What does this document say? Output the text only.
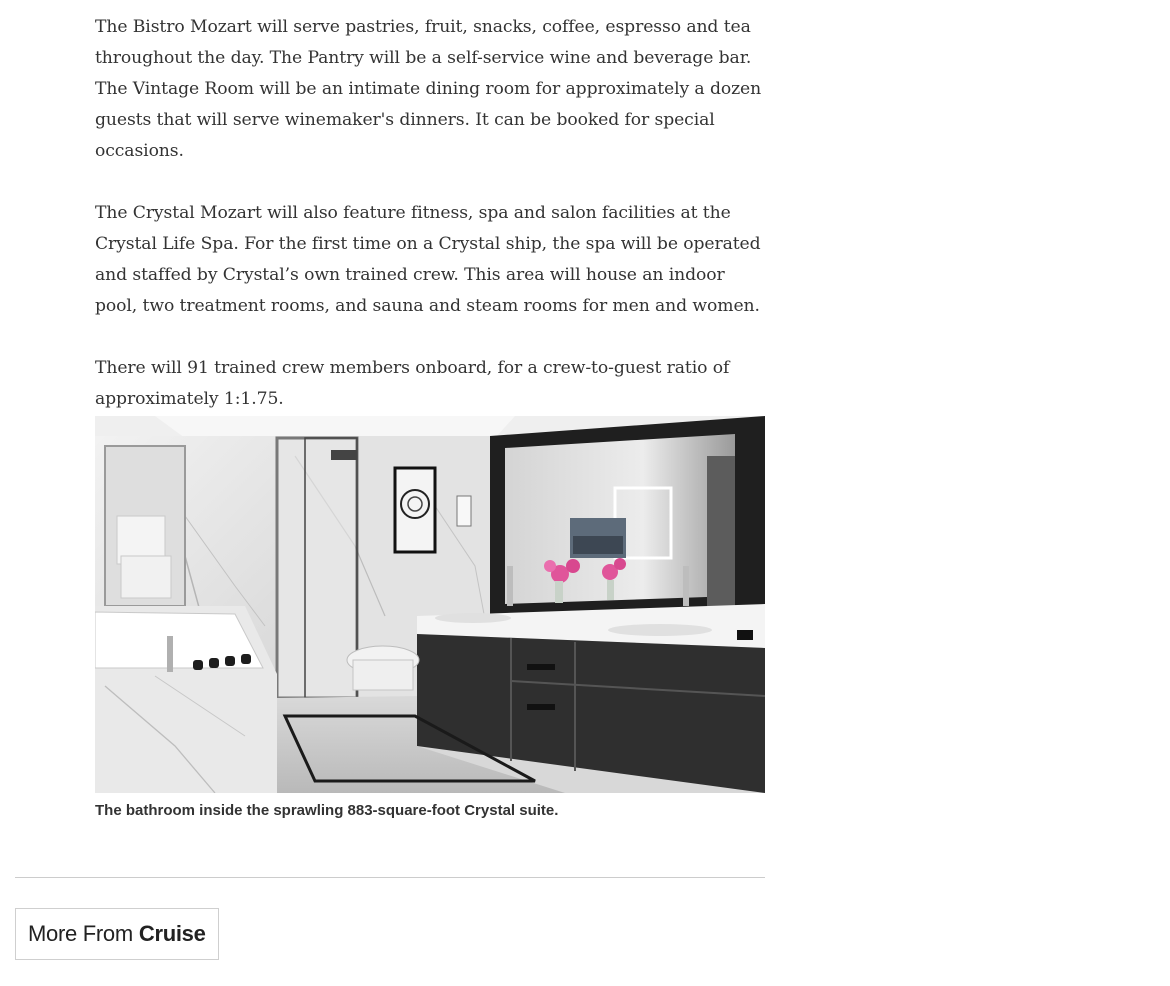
The Bistro Mozart will serve pastries, fruit, snacks, coffee, espresso and tea throughout the day. The Pantry will be a self-service wine and beverage bar. The Vintage Room will be an intimate dining room for approximately a dozen guests that will serve winemaker's dinners. It can be booked for special occasions.

The Crystal Mozart will also feature fitness, spa and salon facilities at the Crystal Life Spa. For the first time on a Crystal ship, the spa will be operated and staffed by Crystal’s own trained crew. This area will house an indoor pool, two treatment rooms, and sauna and steam rooms for men and women.

There will 91 trained crew members onboard, for a crew-to-guest ratio of approximately 1:1.75.

The bathroom inside the sprawling 883-square-foot Crystal suite.
More From Cruise
